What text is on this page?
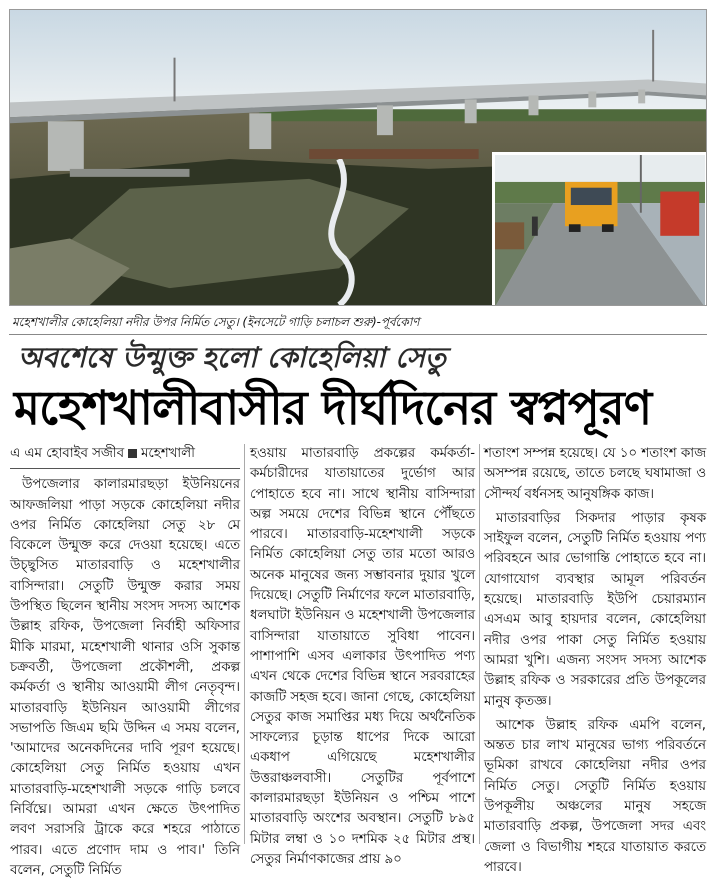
মহেশখালীর কোহেলিয়া নদীর উপর নির্মিত সেতু। (ইনসেটে গাড়ি চলাচল শুরু)-পূর্বকোণ
অবশেষে উন্মুক্ত হলো কোহেলিয়া সেতু
মহেশখালীবাসীর দীর্ঘদিনের স্বপ্নপূরণ

এ এম হোবাইব সজীব মহেশখালী

উপজেলার কালারমারছড়া ইউনিয়নের আফজলিয়া পাড়া সড়কে কোহেলিয়া নদীর ওপর নির্মিত কোহেলিয়া সেতু ২৮ মে বিকেলে উন্মুক্ত করে দেওয়া হয়েছে। এতে উচ্ছ্বসিত মাতারবাড়ি ও মহেশখালীর বাসিন্দারা। সেতুটি উন্মুক্ত করার সময় উপস্থিত ছিলেন স্থানীয় সংসদ সদস্য আশেক উল্লাহ রফিক, উপজেলা নির্বাহী অফিসার মীকি মারমা, মহেশখালী থানার ওসি সুকান্ত চক্রবর্তী, উপজেলা প্রকৌশলী, প্রকল্প কর্মকর্তা ও স্থানীয় আওয়ামী লীগ নেতৃবৃন্দ। মাতারবাড়ি ইউনিয়ন আওয়ামী লীগের সভাপতি জিএম ছমি উদ্দিন এ সময় বলেন, 'আমাদের অনেকদিনের দাবি পূরণ হয়েছে। কোহেলিয়া সেতু নির্মিত হওয়ায় এখন মাতারবাড়ি-মহেশখালী সড়কে গাড়ি চলবে নির্বিঘ্নে। আমরা এখন ক্ষেতে উৎপাদিত লবণ সরাসরি ট্রাকে করে শহরে পাঠাতে পারব। এতে প্রণোদ দাম ও পাব।' তিনি বলেন, সেতুটি নির্মিত

হওয়ায় মাতারবাড়ি প্রকল্পের কর্মকর্তা-কর্মচারীদের যাতায়াতের দুর্ভোগ আর পোহাতে হবে না। সাথে স্থানীয় বাসিন্দারা অল্প সময়ে দেশের বিভিন্ন স্থানে পৌঁছতে পারবে। মাতারবাড়ি-মহেশখালী সড়কে নির্মিত কোহেলিয়া সেতু তার মতো আরও অনেক মানুষের জন্য সম্ভাবনার দুয়ার খুলে দিয়েছে। সেতুটি নির্মাণের ফলে মাতারবাড়ি, ধলঘাটা ইউনিয়ন ও মহেশখালী উপজেলার বাসিন্দারা যাতায়াতে সুবিধা পাবেন। পাশাপাশি এসব এলাকার উৎপাদিত পণ্য এখন থেকে দেশের বিভিন্ন স্থানে সরবরাহের কাজটি সহজ হবে। জানা গেছে, কোহেলিয়া সেতুর কাজ সমাপ্তির মধ্য দিয়ে অর্থনৈতিক সাফল্যের চূড়ান্ত ধাপের দিকে আরো একধাপ এগিয়েছে মহেশখালীর উত্তরাঞ্চলবাসী। সেতুটির পূর্বপাশে কালারমারছড়া ইউনিয়ন ও পশ্চিম পাশে মাতারবাড়ি অংশের অবস্থান। সেতুটি ৮৯৫ মিটার লম্বা ও ১০ দশমিক ২৫ মিটার প্রস্থ। সেতুর নির্মাণকাজের প্রায় ৯০

শতাংশ সম্পন্ন হয়েছে। যে ১০ শতাংশ কাজ অসম্পন্ন রয়েছে, তাতে চলছে ঘষামাজা ও সৌন্দর্য বর্ধনসহ আনুষঙ্গিক কাজ।

মাতারবাড়ির সিকদার পাড়ার কৃষক সাইফুল বলেন, সেতুটি নির্মিত হওয়ায় পণ্য পরিবহনে আর ভোগান্তি পোহাতে হবে না। যোগাযোগ ব্যবস্থার আমূল পরিবর্তন হয়েছে। মাতারবাড়ি ইউপি চেয়ারম্যান এসএম আবু হায়দার বলেন, কোহেলিয়া নদীর ওপর পাকা সেতু নির্মিত হওয়ায় আমরা খুশি। এজন্য সংসদ সদস্য আশেক উল্লাহ রফিক ও সরকারের প্রতি উপকূলের মানুষ কৃতজ্ঞ।

আশেক উল্লাহ রফিক এমপি বলেন, অন্তত চার লাখ মানুষের ভাগ্য পরিবর্তনে ভূমিকা রাখবে কোহেলিয়া নদীর ওপর নির্মিত সেতু। সেতুটি নির্মিত হওয়ায় উপকূলীয় অঞ্চলের মানুষ সহজে মাতারবাড়ি প্রকল্প, উপজেলা সদর এবং জেলা ও বিভাগীয় শহরে যাতায়াত করতে পারবে।
